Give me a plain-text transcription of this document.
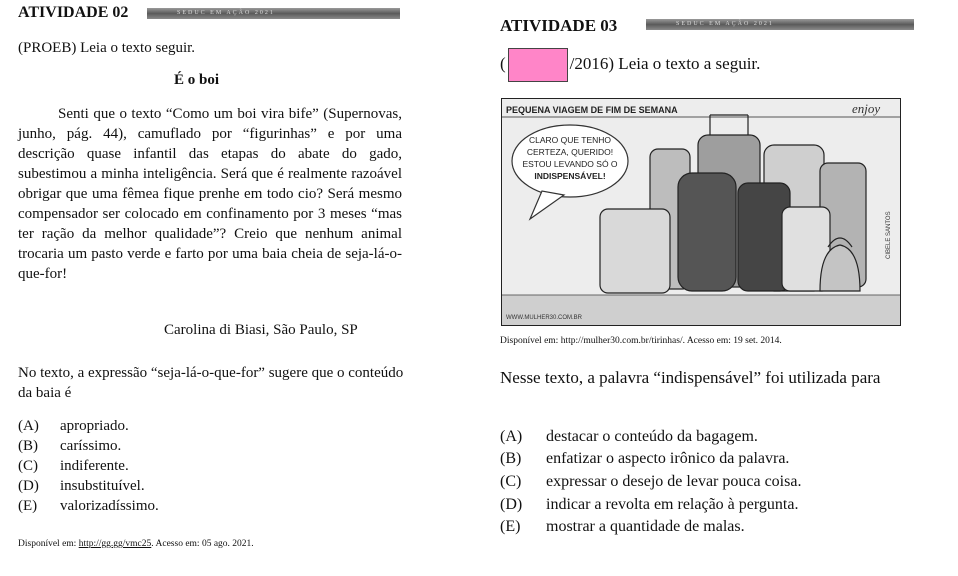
ATIVIDADE 02	SEDUC EM AÇÃO 2021
(PROEB) Leia o texto seguir.
É o boi
Senti que o texto “Como um boi vira bife” (Supernovas, junho, pág. 44), camuflado por “figurinhas” e por uma descrição quase infantil das etapas do abate do gado, subestimou a minha inteligência. Será que é realmente razoável obrigar que uma fêmea fique prenhe em todo cio? Será mesmo compensador ser colocado em confinamento por 3 meses “mas ter ração da melhor qualidade”? Creio que nenhum animal trocaria um pasto verde e farto por uma baia cheia de seja-lá-o-que-for!
Carolina di Biasi, São Paulo, SP
No texto, a expressão “seja-lá-o-que-for” sugere que o conteúdo da baia é
(A) apropriado.
(B) caríssimo.
(C) indiferente.
(D) insubstituível.
(E) valorizadíssimo.
Disponível em: http://gg.gg/vmc25. Acesso em: 05 ago. 2021.
ATIVIDADE 03	SEDUC EM AÇÃO 2021
(	/2016) Leia o texto a seguir.
PEQUENA VIAGEM DE FIM DE SEMANA	enjoy
CLARO QUE TENHO
CERTEZA, QUERIDO!
ESTOU LEVANDO SÓ O
INDISPENSÁVEL!
WWW.MULHER30.COM.BR
CIBELE SANTOS
Disponível em: http://mulher30.com.br/tirinhas/. Acesso em: 19 set. 2014.
Nesse texto, a palavra “indispensável” foi utilizada para
(A) destacar o conteúdo da bagagem.
(B) enfatizar o aspecto irônico da palavra.
(C) expressar o desejo de levar pouca coisa.
(D) indicar a revolta em relação à pergunta.
(E) mostrar a quantidade de malas.
